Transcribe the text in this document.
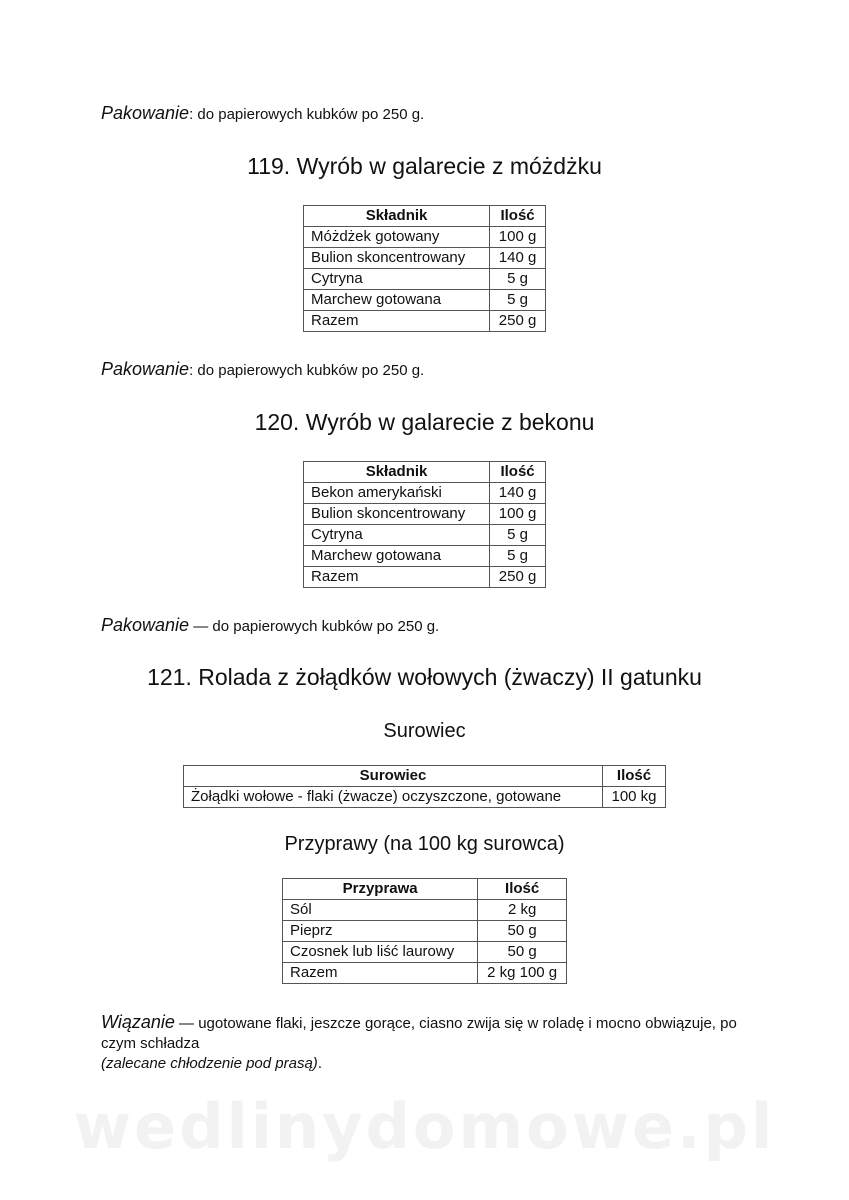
Pakowanie: do papierowych kubków po 250 g.
119. Wyrób w galarecie z móżdżku
Składnik	Ilość
Móżdżek gotowany	100 g
Bulion skoncentrowany	140 g
Cytryna	5 g
Marchew gotowana	5 g
Razem	250 g
Pakowanie: do papierowych kubków po 250 g.
120. Wyrób w galarecie z bekonu
Składnik	Ilość
Bekon amerykański	140 g
Bulion skoncentrowany	100 g
Cytryna	5 g
Marchew gotowana	5 g
Razem	250 g
Pakowanie — do papierowych kubków po 250 g.
121. Rolada z żołądków wołowych (żwaczy) II gatunku
Surowiec
Surowiec	Ilość
Żołądki wołowe - flaki (żwacze) oczyszczone, gotowane	100 kg
Przyprawy (na 100 kg surowca)
Przyprawa	Ilość
Sól	2 kg
Pieprz	50 g
Czosnek lub liść laurowy	50 g
Razem	2 kg 100 g
Wiązanie — ugotowane flaki, jeszcze gorące, ciasno zwija się w roladę i mocno obwiązuje, po czym schładza
(zalecane chłodzenie pod prasą).
wedlinydomowe.pl
